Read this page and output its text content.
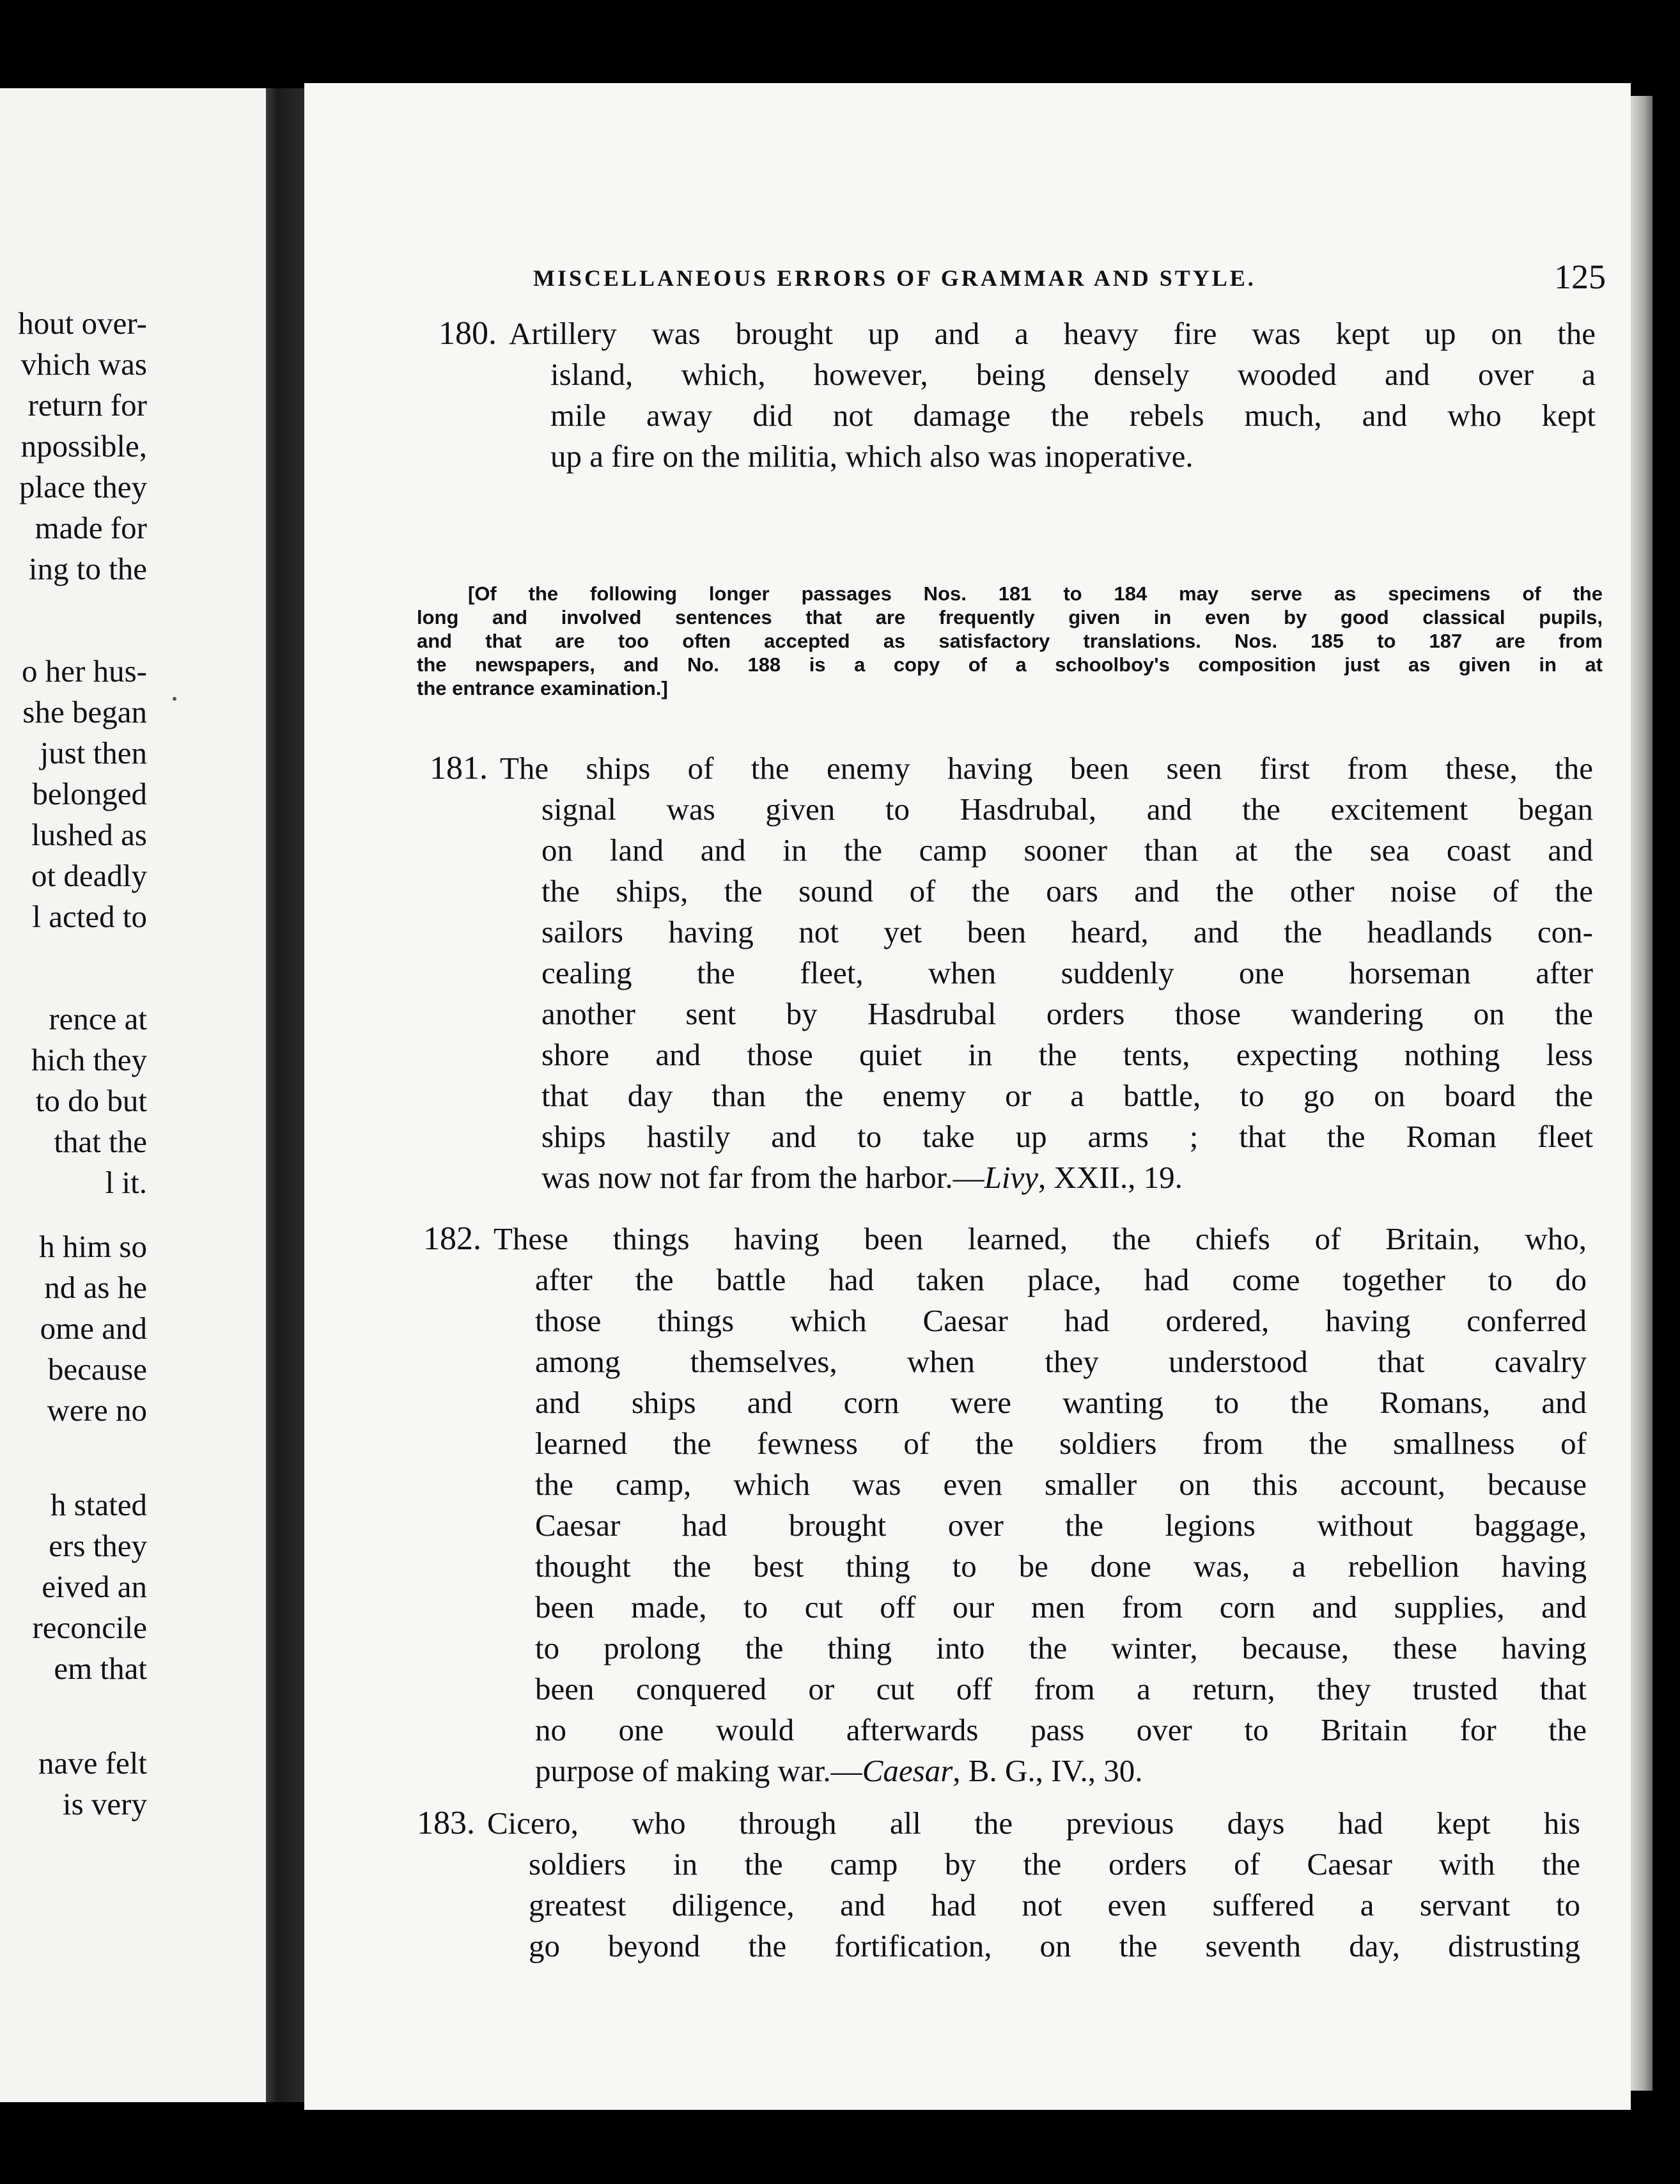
hout over-
vhich was
return for
npossible,
place they
made for
ing to the
o her hus-
she began
just then
belonged
lushed as
ot deadly
l acted to
rence at
hich they
to do but
that the
l it.
h him so
nd as he
ome and
because
were no
h stated
ers they
eived an
reconcile
em that
nave felt
is very
MISCELLANEOUS ERRORS OF GRAMMAR AND STYLE.	125
180. Artillery was brought up and a heavy fire was kept up on the
island, which, however, being densely wooded and over a
mile away did not damage the rebels much, and who kept
up a fire on the militia, which also was inoperative.
[Of the following longer passages Nos. 181 to 184 may serve as specimens of the
long and involved sentences that are frequently given in even by good classical pupils,
and that are too often accepted as satisfactory translations. Nos. 185 to 187 are from
the newspapers, and No. 188 is a copy of a schoolboy's composition just as given in at
the entrance examination.]
181. The ships of the enemy having been seen first from these, the
signal was given to Hasdrubal, and the excitement began
on land and in the camp sooner than at the sea coast and
the ships, the sound of the oars and the other noise of the
sailors having not yet been heard, and the headlands con-
cealing the fleet, when suddenly one horseman after
another sent by Hasdrubal orders those wandering on the
shore and those quiet in the tents, expecting nothing less
that day than the enemy or a battle, to go on board the
ships hastily and to take up arms ; that the Roman fleet
was now not far from the harbor.—Livy, XXII., 19.
182. These things having been learned, the chiefs of Britain, who,
after the battle had taken place, had come together to do
those things which Caesar had ordered, having conferred
among themselves, when they understood that cavalry
and ships and corn were wanting to the Romans, and
learned the fewness of the soldiers from the smallness of
the camp, which was even smaller on this account, because
Caesar had brought over the legions without baggage,
thought the best thing to be done was, a rebellion having
been made, to cut off our men from corn and supplies, and
to prolong the thing into the winter, because, these having
been conquered or cut off from a return, they trusted that
no one would afterwards pass over to Britain for the
purpose of making war.—Caesar, B. G., IV., 30.
183. Cicero, who through all the previous days had kept his
soldiers in the camp by the orders of Caesar with the
greatest diligence, and had not even suffered a servant to
go beyond the fortification, on the seventh day, distrusting
